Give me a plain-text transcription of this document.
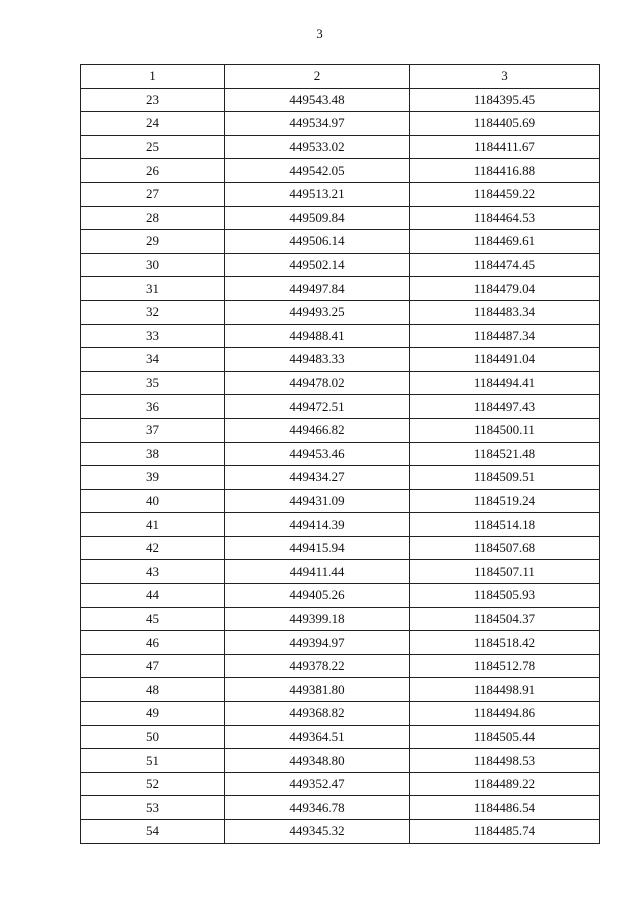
3
1	2	3
23	449543.48	1184395.45
24	449534.97	1184405.69
25	449533.02	1184411.67
26	449542.05	1184416.88
27	449513.21	1184459.22
28	449509.84	1184464.53
29	449506.14	1184469.61
30	449502.14	1184474.45
31	449497.84	1184479.04
32	449493.25	1184483.34
33	449488.41	1184487.34
34	449483.33	1184491.04
35	449478.02	1184494.41
36	449472.51	1184497.43
37	449466.82	1184500.11
38	449453.46	1184521.48
39	449434.27	1184509.51
40	449431.09	1184519.24
41	449414.39	1184514.18
42	449415.94	1184507.68
43	449411.44	1184507.11
44	449405.26	1184505.93
45	449399.18	1184504.37
46	449394.97	1184518.42
47	449378.22	1184512.78
48	449381.80	1184498.91
49	449368.82	1184494.86
50	449364.51	1184505.44
51	449348.80	1184498.53
52	449352.47	1184489.22
53	449346.78	1184486.54
54	449345.32	1184485.74
